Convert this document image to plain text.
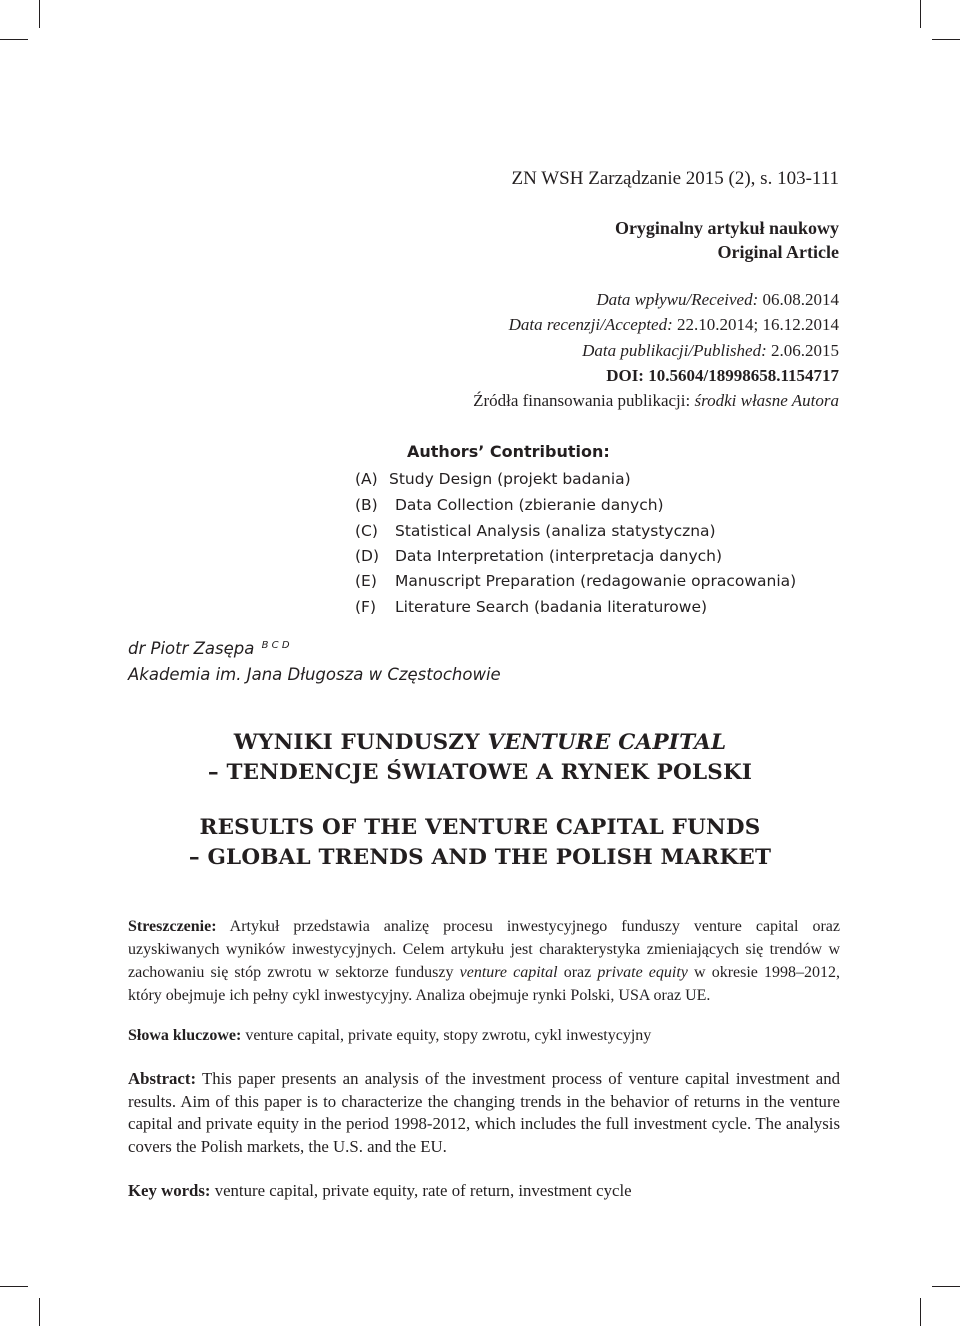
ZN WSH Zarządzanie 2015 (2), s. 103-111
Oryginalny artykuł naukowy
Original Article
Data wpływu/Received: 06.08.2014
Data recenzji/Accepted: 22.10.2014; 16.12.2014
Data publikacji/Published: 2.06.2015
DOI: 10.5604/18998658.1154717
Źródła finansowania publikacji: środki własne Autora
Authors’ Contribution:
(A) Study Design (projekt badania)
(B) Data Collection (zbieranie danych)
(C) Statistical Analysis (analiza statystyczna)
(D) Data Interpretation (interpretacja danych)
(E) Manuscript Preparation (redagowanie opracowania)
(F) Literature Search (badania literaturowe)
dr Piotr Zasępa $^{B C D}$
Akademia im. Jana Długosza w Częstochowie
WYNIKI FUNDUSZY VENTURE CAPITAL
– TENDENCJE ŚWIATOWE A RYNEK POLSKI
RESULTS OF THE VENTURE CAPITAL FUNDS
– GLOBAL TRENDS AND THE POLISH MARKET
Streszczenie: Artykuł przedstawia analizę procesu inwestycyjnego funduszy venture capital oraz uzyskiwanych wyników inwestycyjnych. Celem artykułu jest charakterystyka zmieniających się trendów w zachowaniu się stóp zwrotu w sektorze funduszy venture capital oraz private equity w okresie 1998–2012, który obejmuje ich pełny cykl inwestycyjny. Analiza obejmuje rynki Polski, USA oraz UE.
Słowa kluczowe: venture capital, private equity, stopy zwrotu, cykl inwestycyjny
Abstract: This paper presents an analysis of the investment process of venture capital investment and results. Aim of this paper is to characterize the changing trends in the behavior of returns in the venture capital and private equity in the period 1998-2012, which includes the full investment cycle. The analysis covers the Polish markets, the U.S. and the EU.
Key words: venture capital, private equity, rate of return, investment cycle
